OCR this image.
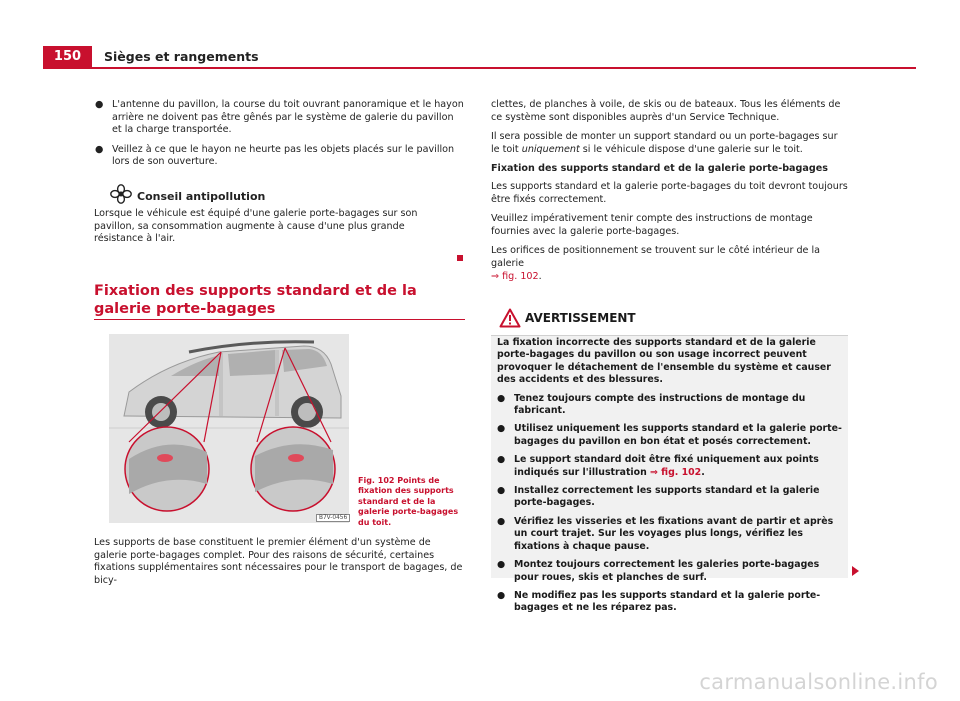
150	Sièges et rangements

● L'antenne du pavillon, la course du toit ouvrant panoramique et le hayon arrière ne doivent pas être gênés par le système de galerie du pavillon et la charge transportée.

● Veillez à ce que le hayon ne heurte pas les objets placés sur le pavillon lors de son ouverture.

Conseil antipollution
Lorsque le véhicule est équipé d'une galerie porte-bagages sur son pavillon, sa consommation augmente à cause d'une plus grande résistance à l'air.
Fixation des supports standard et de la galerie porte-bagages
B7V-0456
Fig. 102 Points de fixation des supports standard et de la galerie porte-bagages du toit.
Les supports de base constituent le premier élément d'un système de galerie porte-bagages complet. Pour des raisons de sécurité, certaines fixations supplémentaires sont nécessaires pour le transport de bagages, de bicy-

clettes, de planches à voile, de skis ou de bateaux. Tous les éléments de ce système sont disponibles auprès d'un Service Technique.

Il sera possible de monter un support standard ou un porte-bagages sur le toit uniquement si le véhicule dispose d'une galerie sur le toit.

Fixation des supports standard et de la galerie porte-bagages

Les supports standard et la galerie porte-bagages du toit devront toujours être fixés correctement.

Veuillez impérativement tenir compte des instructions de montage fournies avec la galerie porte-bagages.

Les orifices de positionnement se trouvent sur le côté intérieur de la galerie
⇒ fig. 102.

AVERTISSEMENT

La fixation incorrecte des supports standard et de la galerie porte-bagages du pavillon ou son usage incorrect peuvent provoquer le détachement de l'ensemble du système et causer des accidents et des blessures.

● Tenez toujours compte des instructions de montage du fabricant.

● Utilisez uniquement les supports standard et la galerie porte-bagages du pavillon en bon état et posés correctement.

● Le support standard doit être fixé uniquement aux points indiqués sur l'illustration ⇒ fig. 102.

● Installez correctement les supports standard et la galerie porte-bagages.

● Vérifiez les visseries et les fixations avant de partir et après un court trajet. Sur les voyages plus longs, vérifiez les fixations à chaque pause.

● Montez toujours correctement les galeries porte-bagages pour roues, skis et planches de surf.

● Ne modifiez pas les supports standard et la galerie porte-bagages et ne les réparez pas.

carmanualsonline.info
